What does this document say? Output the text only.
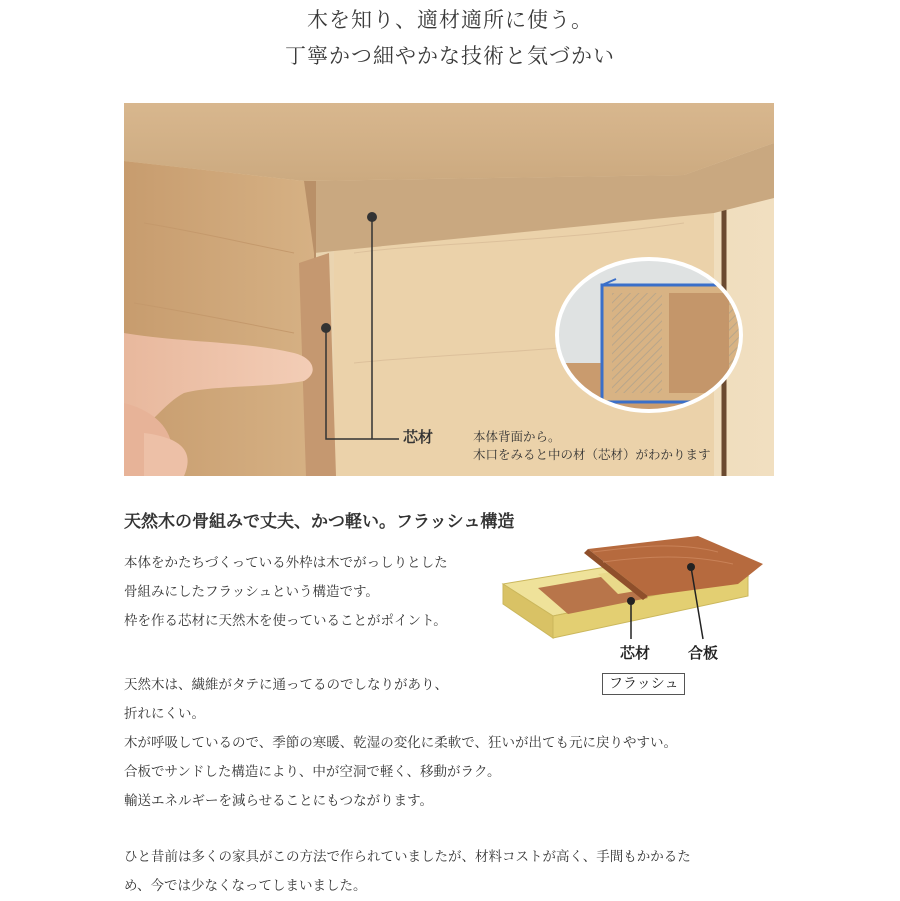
木を知り、適材適所に使う。
丁寧かつ細やかな技術と気づかい
芯材	本体背面から。
木口をみると中の材（芯材）がわかります
天然木の骨組みで丈夫、かつ軽い。フラッシュ構造

本体をかたちづくっている外枠は木でがっしりとした

骨組みにしたフラッシュという構造です。

枠を作る芯材に天然木を使っていることがポイント。

天然木は、繊維がタテに通ってるのでしなりがあり、

折れにくい。

木が呼吸しているので、季節の寒暖、乾湿の変化に柔軟で、狂いが出ても元に戻りやすい。

合板でサンドした構造により、中が空洞で軽く、移動がラク。

輸送エネルギーを減らせることにもつながります。

ひと昔前は多くの家具がこの方法で作られていましたが、材料コストが高く、手間もかかるた

め、今では少なくなってしまいました。

芯材	合板
フラッシュ
